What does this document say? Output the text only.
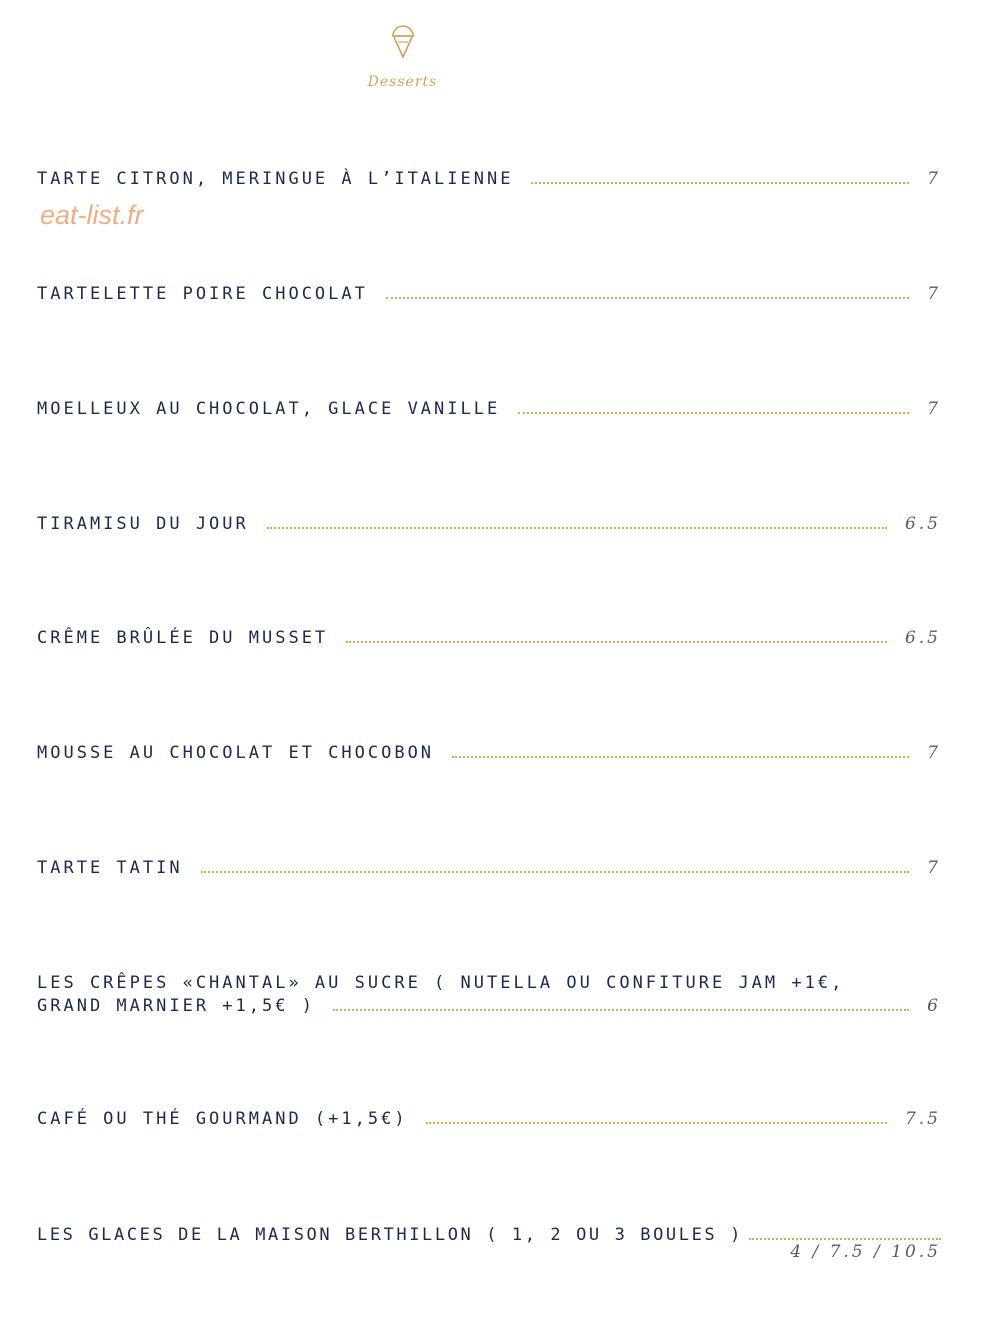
Desserts
eat-list.fr
TARTE CITRON, MERINGUE À L’ITALIENNE	7
TARTELETTE POIRE CHOCOLAT	7
MOELLEUX AU CHOCOLAT, GLACE VANILLE	7
TIRAMISU DU JOUR	6.5
CRÊME BRÛLÉE DU MUSSET	6.5
MOUSSE AU CHOCOLAT ET CHOCOBON	7
TARTE TATIN	7
LES CRÊPES «CHANTAL» AU SUCRE ( NUTELLA OU CONFITURE JAM +1€,
GRAND MARNIER +1,5€ )	6
CAFÉ OU THÉ GOURMAND (+1,5€)	7.5
LES GLACES DE LA MAISON BERTHILLON ( 1, 2 OU 3 BOULES )
4 / 7.5 / 10.5
